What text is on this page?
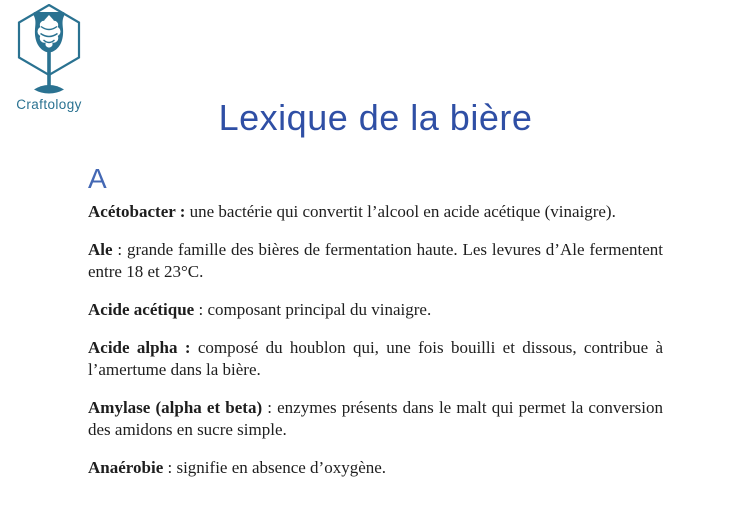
Craftology	Lexique de la bière
A

Acétobacter : une bactérie qui convertit l’alcool en acide acétique (vinaigre).

Ale : grande famille des bières de fermentation haute. Les levures d’Ale fermentent entre 18 et 23°C.

Acide acétique : composant principal du vinaigre.

Acide alpha : composé du houblon qui, une fois bouilli et dissous, contribue à l’amertume dans la bière.

Amylase (alpha et beta) : enzymes présents dans le malt qui permet la conversion des amidons en sucre simple.

Anaérobie : signifie en absence d’oxygène.
